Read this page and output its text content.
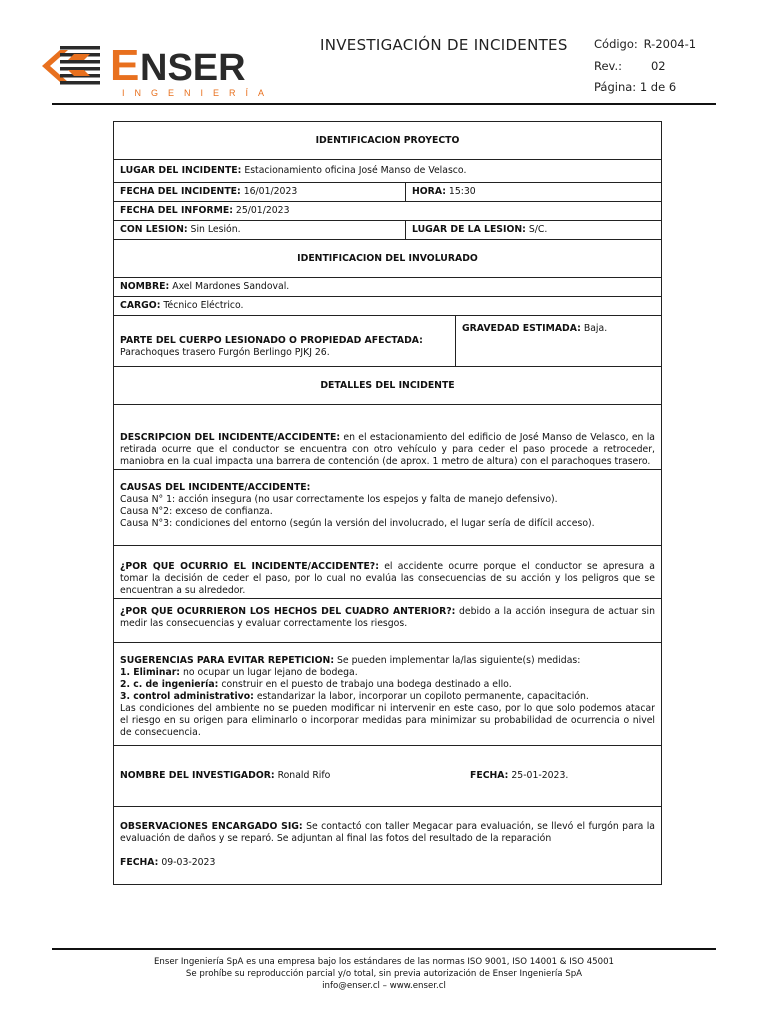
E NSER
INGENIERÍA
INVESTIGACIÓN DE INCIDENTES Código: R-2004-1
Rev.:	02
Página: 1 de 6
IDENTIFICACION PROYECTO		
LUGAR DEL INCIDENTE: Estacionamiento oficina José Manso de Velasco.		
FECHA DEL INCIDENTE: 16/01/2023	HORA: 15:30	
FECHA DEL INFORME: 25/01/2023		
CON LESION: Sin Lesión.	LUGAR DE LA LESION: S/C.	
IDENTIFICACION DEL INVOLURADO		
NOMBRE: Axel Mardones Sandoval.		
CARGO: Técnico Eléctrico.		
PARTE DEL CUERPO LESIONADO O PROPIEDAD AFECTADA:
Parachoques trasero Furgón Berlingo PJKJ 26.		GRAVEDAD ESTIMADA: Baja.
DETALLES DEL INCIDENTE		
DESCRIPCION DEL INCIDENTE/ACCIDENTE: en el estacionamiento del edificio de José Manso de Velasco, en la retirada ocurre que el conductor se encuentra con otro vehículo y para ceder el paso procede a retroceder, maniobra en la cual impacta una barrera de contención (de aprox. 1 metro de altura) con el parachoques trasero.		
CAUSAS DEL INCIDENTE/ACCIDENTE:
Causa N° 1: acción insegura (no usar correctamente los espejos y falta de manejo defensivo).
Causa N°2: exceso de confianza.
Causa N°3: condiciones del entorno (según la versión del involucrado, el lugar sería de difícil acceso).		
¿POR QUE OCURRIO EL INCIDENTE/ACCIDENTE?: el accidente ocurre porque el conductor se apresura a tomar la decisión de ceder el paso, por lo cual no evalúa las consecuencias de su acción y los peligros que se encuentran a su alrededor.		
¿POR QUE OCURRIERON LOS HECHOS DEL CUADRO ANTERIOR?: debido a la acción insegura de actuar sin medir las consecuencias y evaluar correctamente los riesgos.		
SUGERENCIAS PARA EVITAR REPETICION: Se pueden implementar la/las siguiente(s) medidas:
1. Eliminar: no ocupar un lugar lejano de bodega.
2. c. de ingeniería: construir en el puesto de trabajo una bodega destinado a ello.
3. control administrativo: estandarizar la labor, incorporar un copiloto permanente, capacitación.
Las condiciones del ambiente no se pueden modificar ni intervenir en este caso, por lo que solo podemos atacar el riesgo en su origen para eliminarlo o incorporar medidas para minimizar su probabilidad de ocurrencia o nivel de consecuencia.		
NOMBRE DEL INVESTIGADOR: Ronald Rifo FECHA: 25-01-2023.		
OBSERVACIONES ENCARGADO SIG: Se contactó con taller Megacar para evaluación, se llevó el furgón para la evaluación de daños y se reparó. Se adjuntan al final las fotos del resultado de la reparación

FECHA: 09-03-2023		
Enser Ingeniería SpA es una empresa bajo los estándares de las normas ISO 9001, ISO 14001 & ISO 45001
Se prohíbe su reproducción parcial y/o total, sin previa autorización de Enser Ingeniería SpA
info@enser.cl – www.enser.cl
